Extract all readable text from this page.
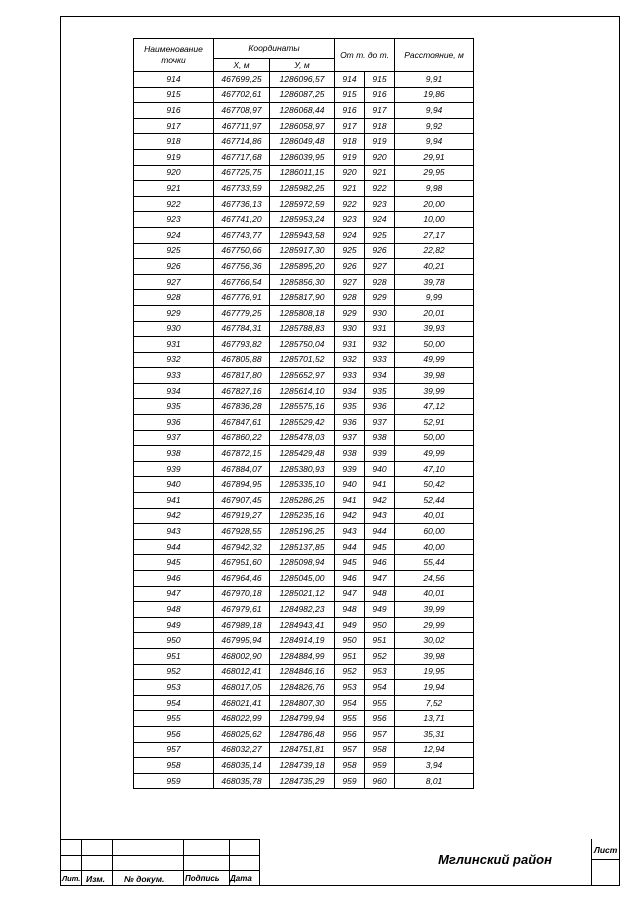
Наименование точки	Координаты		От т. до т.		Расстояние, м
	X, м	У, м			
914	467699,25	1286096,57	914	915	9,91
915	467702,61	1286087,25	915	916	19,86
916	467708,97	1286068,44	916	917	9,94
917	467711,97	1286058,97	917	918	9,92
918	467714,86	1286049,48	918	919	9,94
919	467717,68	1286039,95	919	920	29,91
920	467725,75	1286011,15	920	921	29,95
921	467733,59	1285982,25	921	922	9,98
922	467736,13	1285972,59	922	923	20,00
923	467741,20	1285953,24	923	924	10,00
924	467743,77	1285943,58	924	925	27,17
925	467750,66	1285917,30	925	926	22,82
926	467756,36	1285895,20	926	927	40,21
927	467766,54	1285856,30	927	928	39,78
928	467776,91	1285817,90	928	929	9,99
929	467779,25	1285808,18	929	930	20,01
930	467784,31	1285788,83	930	931	39,93
931	467793,82	1285750,04	931	932	50,00
932	467805,88	1285701,52	932	933	49,99
933	467817,80	1285652,97	933	934	39,98
934	467827,16	1285614,10	934	935	39,99
935	467836,28	1285575,16	935	936	47,12
936	467847,61	1285529,42	936	937	52,91
937	467860,22	1285478,03	937	938	50,00
938	467872,15	1285429,48	938	939	49,99
939	467884,07	1285380,93	939	940	47,10
940	467894,95	1285335,10	940	941	50,42
941	467907,45	1285286,25	941	942	52,44
942	467919,27	1285235,16	942	943	40,01
943	467928,55	1285196,25	943	944	60,00
944	467942,32	1285137,85	944	945	40,00
945	467951,60	1285098,94	945	946	55,44
946	467964,46	1285045,00	946	947	24,56
947	467970,18	1285021,12	947	948	40,01
948	467979,61	1284982,23	948	949	39,99
949	467989,18	1284943,41	949	950	29,99
950	467995,94	1284914,19	950	951	30,02
951	468002,90	1284884,99	951	952	39,98
952	468012,41	1284846,16	952	953	19,95
953	468017,05	1284826,76	953	954	19,94
954	468021,41	1284807,30	954	955	7,52
955	468022,99	1284799,94	955	956	13,71
956	468025,62	1284786,48	956	957	35,31
957	468032,27	1284751,81	957	958	12,94
958	468035,14	1284739,18	958	959	3,94
959	468035,78	1284735,29	959	960	8,01
Лит. Изм. № докум.	Подпись Дата
Лист
Мглинский район
